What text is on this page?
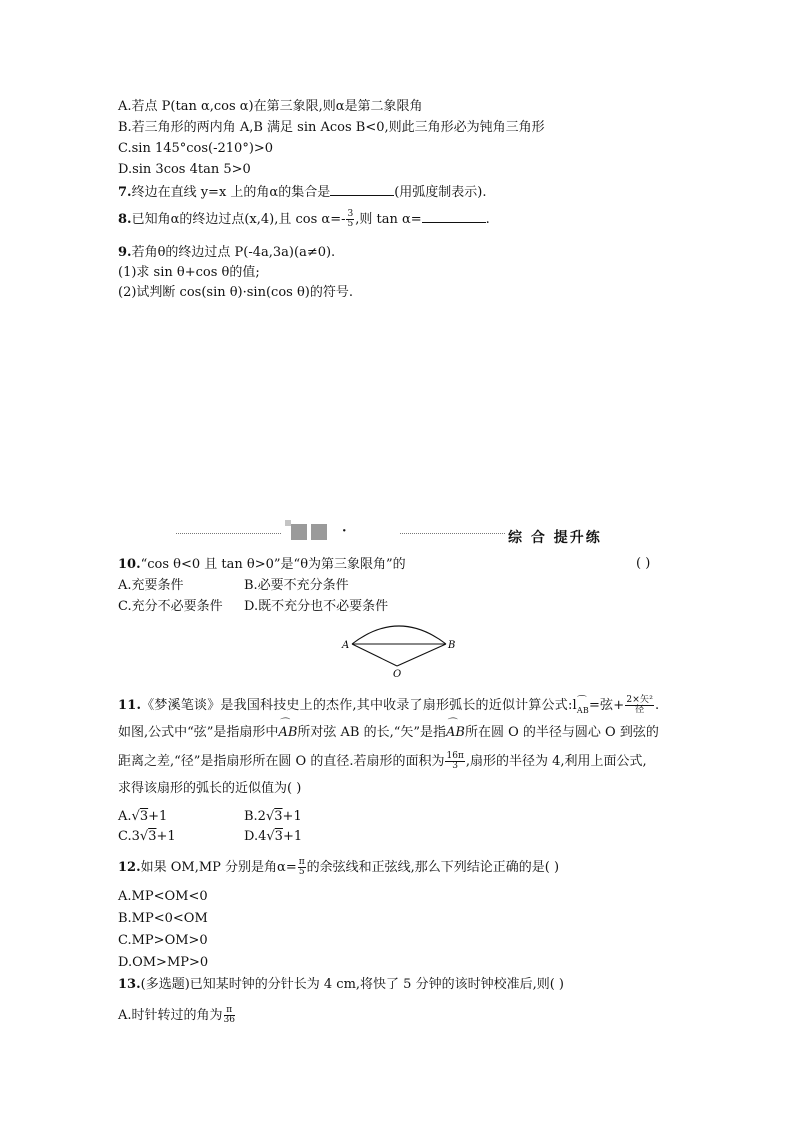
A.若点 P(tan α,cos α)在第三象限,则α是第二象限角
B.若三角形的两内角 A,B 满足 sin Acos B<0,则此三角形必为钝角三角形
C.sin 145°cos(-210°)>0
D.sin 3cos 4tan 5>0
7.终边在直线 y=x 上的角α的集合是	(用弧度制表示).
8.已知角α的终边过点(x,4),且 $\cos \alpha=- \frac{3}{5}$ ,则 tan α=	.
9.若角θ的终边过点 P(-4a,3a)(a≠0).
(1)求 sin θ+cos θ的值;
(2)试判断 cos(sin θ)·sin(cos θ)的符号.
·	综 合 提升练
10.“cos θ<0 且 tan θ>0”是“θ为第三象限角”的	( )
A.充要条件	B.必要不充分条件
C.充分不必要条件 D.既不充分也不必要条件
A	B
O
11.《梦溪笔谈》是我国科技史上的杰作,其中收录了扇形弧长的近似计算公式:l⌒ $_{AB}$=弦+ $\frac{\text{2×矢²}}{\text{径}}$ .
如图,公式中“弦”是指扇形中⌒ AB所对弦 AB 的长,“矢”是指⌒ AB所在圆 O 的半径与圆心 O 到弦的
距离之差,“径”是指扇形所在圆 O 的直径.若扇形的面积为 $\frac{16\pi}{3}$ ,扇形的半径为 4,利用上面公式,
求得该扇形的弧长的近似值为( )
A.√3+1	B.2√3+1
C.3√3+1	D.4√3+1
12.如果 OM,MP 分别是角$\alpha= \frac{\pi}{5}$ 的余弦线和正弦线,那么下列结论正确的是( )
A.MP<OM<0
B.MP<0<OM
C.MP>OM>0
D.OM>MP>0
13.(多选题)已知某时钟的分针长为 4 cm,将快了 5 分钟的该时钟校准后,则( )
A.时针转过的角为 $\frac{\pi}{36}$
